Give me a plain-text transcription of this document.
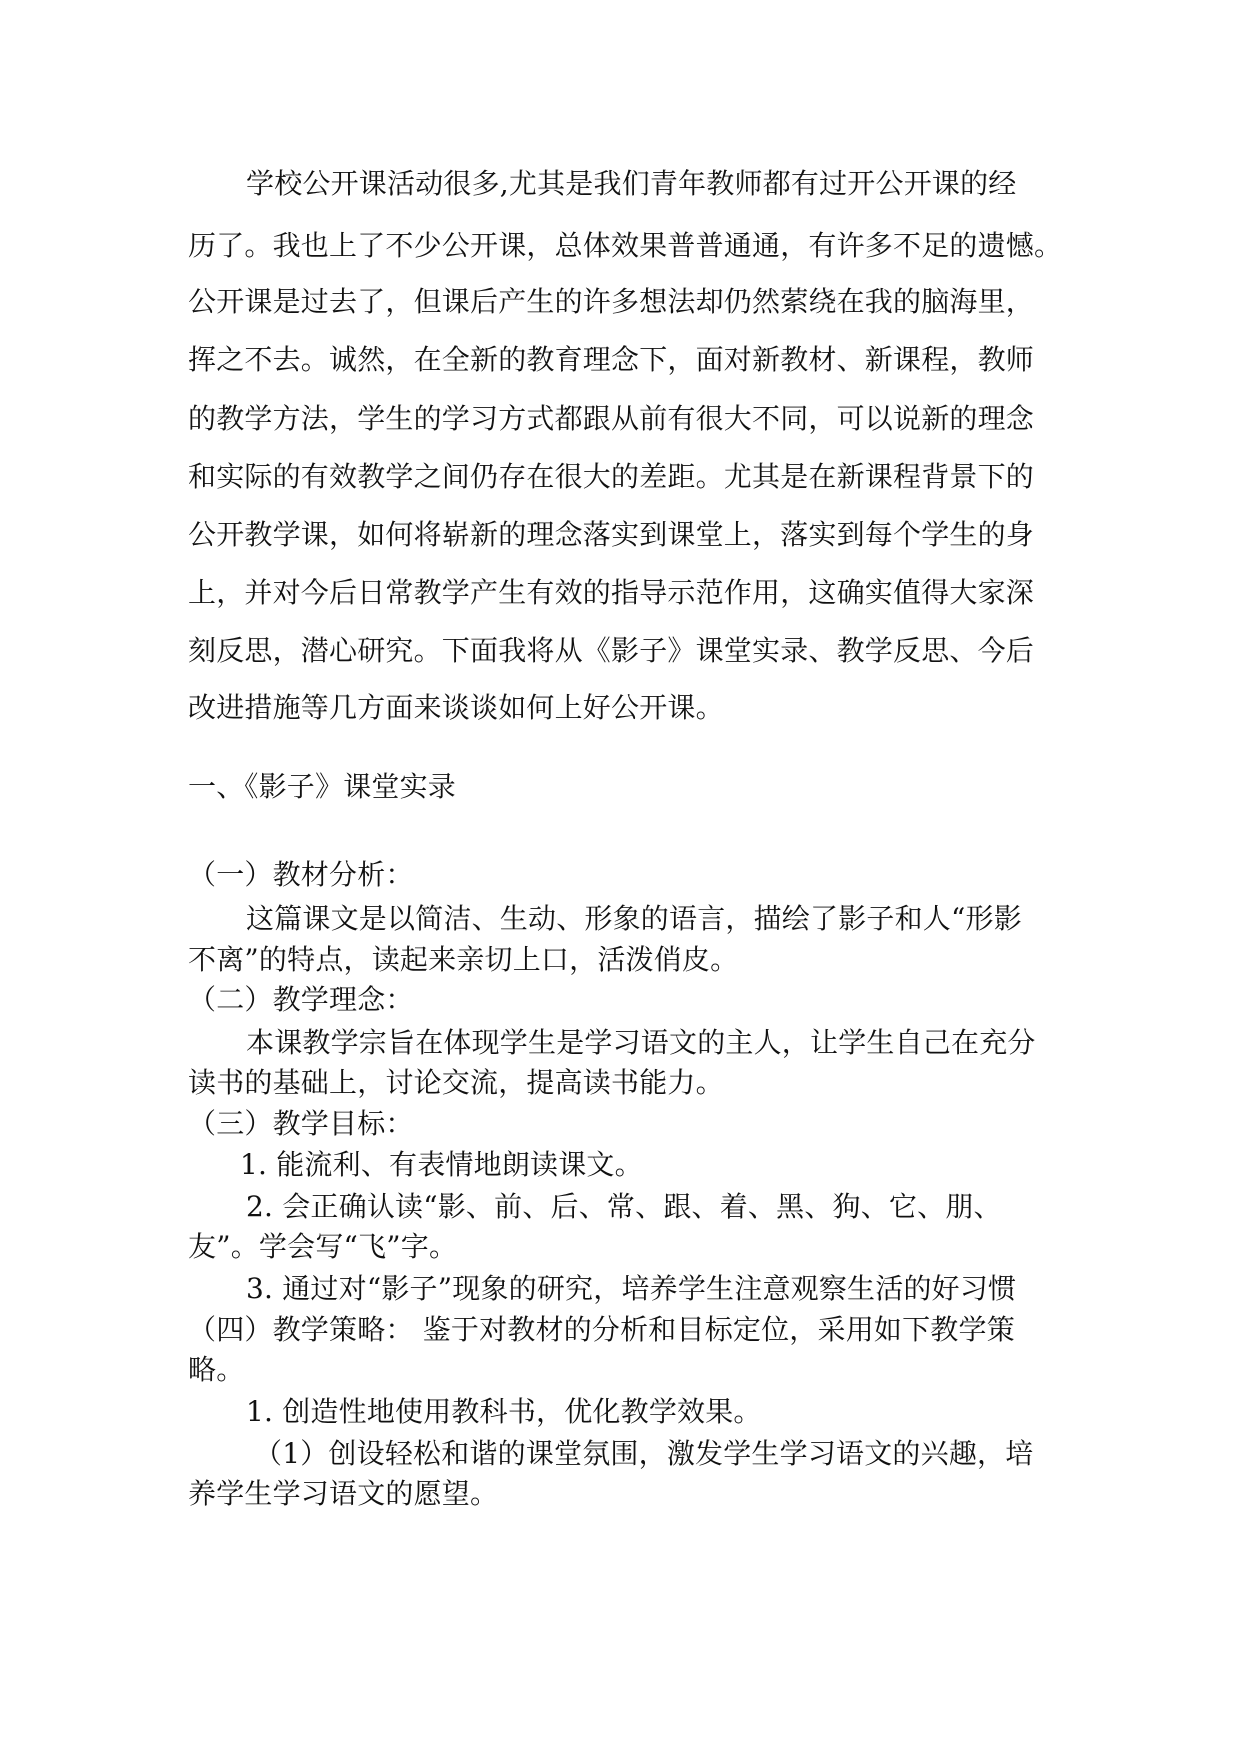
学校公开课活动很多,尤其是我们青年教师都有过开公开课的经

历了。我也上了不少公开课，总体效果普普通通，有许多不足的遗憾。

公开课是过去了，但课后产生的许多想法却仍然萦绕在我的脑海里，

挥之不去。诚然，在全新的教育理念下，面对新教材、新课程，教师

的教学方法，学生的学习方式都跟从前有很大不同，可以说新的理念

和实际的有效教学之间仍存在很大的差距。尤其是在新课程背景下的

公开教学课，如何将崭新的理念落实到课堂上，落实到每个学生的身

上，并对今后日常教学产生有效的指导示范作用，这确实值得大家深

刻反思，潜心研究。下面我将从《影子》课堂实录、教学反思、今后

改进措施等几方面来谈谈如何上好公开课。

一、《影子》课堂实录

（一）教材分析：

这篇课文是以简洁、生动、形象的语言，描绘了影子和人“形影

不离”的特点，读起来亲切上口，活泼俏皮。

（二）教学理念：

本课教学宗旨在体现学生是学习语文的主人，让学生自己在充分

读书的基础上，讨论交流，提高读书能力。

（三）教学目标：

1. 能流利、有表情地朗读课文。

2. 会正确认读“影、前、后、常、跟、着、黑、狗、它、朋、

友”。学会写“飞”字。

3. 通过对“影子”现象的研究，培养学生注意观察生活的好习惯

（四）教学策略： 鉴于对教材的分析和目标定位，采用如下教学策

略。

1. 创造性地使用教科书，优化教学效果。

（1）创设轻松和谐的课堂氛围，激发学生学习语文的兴趣，培

养学生学习语文的愿望。
